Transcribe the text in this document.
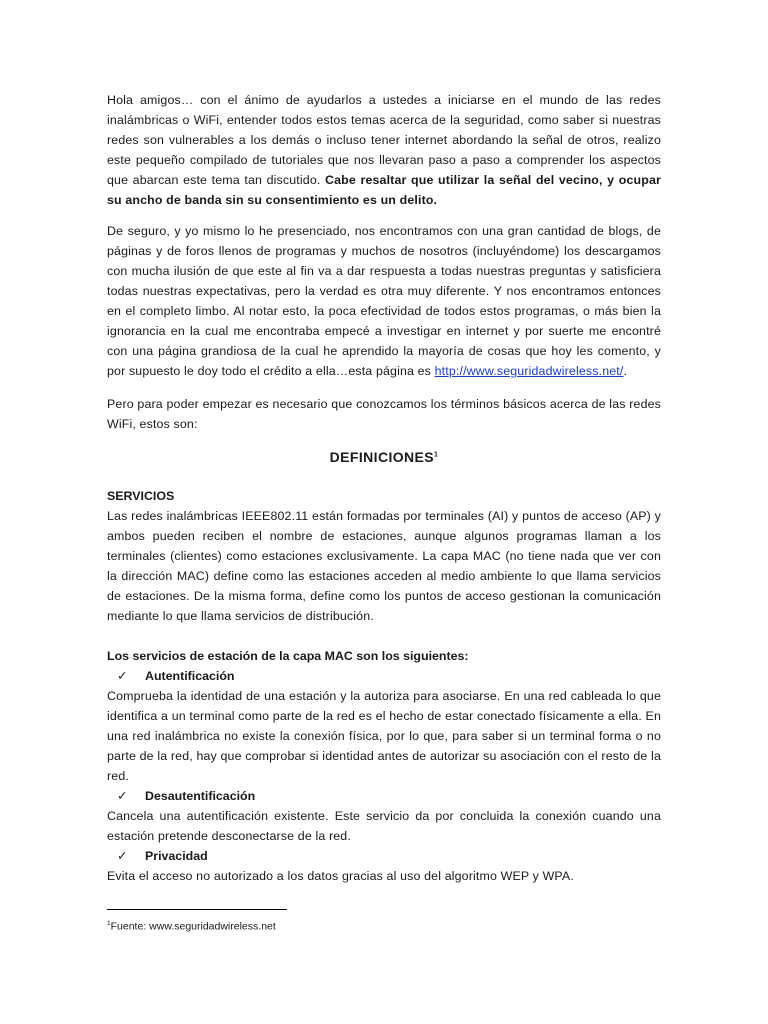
Hola amigos… con el ánimo de ayudarlos a ustedes a iniciarse en el mundo de las redes inalámbricas o WiFi, entender todos estos temas acerca de la seguridad, como saber si nuestras redes son vulnerables a los demás o incluso tener internet abordando la señal de otros, realizo este pequeño compilado de tutoriales que nos llevaran paso a paso a comprender los aspectos que abarcan este tema tan discutido. Cabe resaltar que utilizar la señal del vecino, y ocupar su ancho de banda sin su consentimiento es un delito.

De seguro, y yo mismo lo he presenciado, nos encontramos con una gran cantidad de blogs, de páginas y de foros llenos de programas y muchos de nosotros (incluyéndome) los descargamos con mucha ilusión de que este al fin va a dar respuesta a todas nuestras preguntas y satisficiera todas nuestras expectativas, pero la verdad es otra muy diferente. Y nos encontramos entonces en el completo limbo. Al notar esto, la poca efectividad de todos estos programas, o más bien la ignorancia en la cual me encontraba empecé a investigar en internet y por suerte me encontré con una página grandiosa de la cual he aprendido la mayoría de cosas que hoy les comento, y por supuesto le doy todo el crédito a ella…esta página es http://www.seguridadwireless.net/.

Pero para poder empezar es necesario que conozcamos los términos básicos acerca de las redes WiFi, estos son:

DEFINICIONES$^1$
SERVICIOS

Las redes inalámbricas IEEE802.11 están formadas por terminales (AI) y puntos de acceso (AP) y ambos pueden reciben el nombre de estaciones, aunque algunos programas llaman a los terminales (clientes) como estaciones exclusivamente. La capa MAC (no tiene nada que ver con la dirección MAC) define como las estaciones acceden al medio ambiente lo que llama servicios de estaciones. De la misma forma, define como los puntos de acceso gestionan la comunicación mediante lo que llama servicios de distribución.

Los servicios de estación de la capa MAC son los siguientes:
✓ Autentificación

Comprueba la identidad de una estación y la autoriza para asociarse. En una red cableada lo que identifica a un terminal como parte de la red es el hecho de estar conectado físicamente a ella. En una red inalámbrica no existe la conexión física, por lo que, para saber si un terminal forma o no parte de la red, hay que comprobar si identidad antes de autorizar su asociación con el resto de la red.

✓ Desautentificación

Cancela una autentificación existente. Este servicio da por concluida la conexión cuando una estación pretende desconectarse de la red.

✓ Privacidad

Evita el acceso no autorizado a los datos gracias al uso del algoritmo WEP y WPA.

$^1$Fuente: www.seguridadwireless.net
